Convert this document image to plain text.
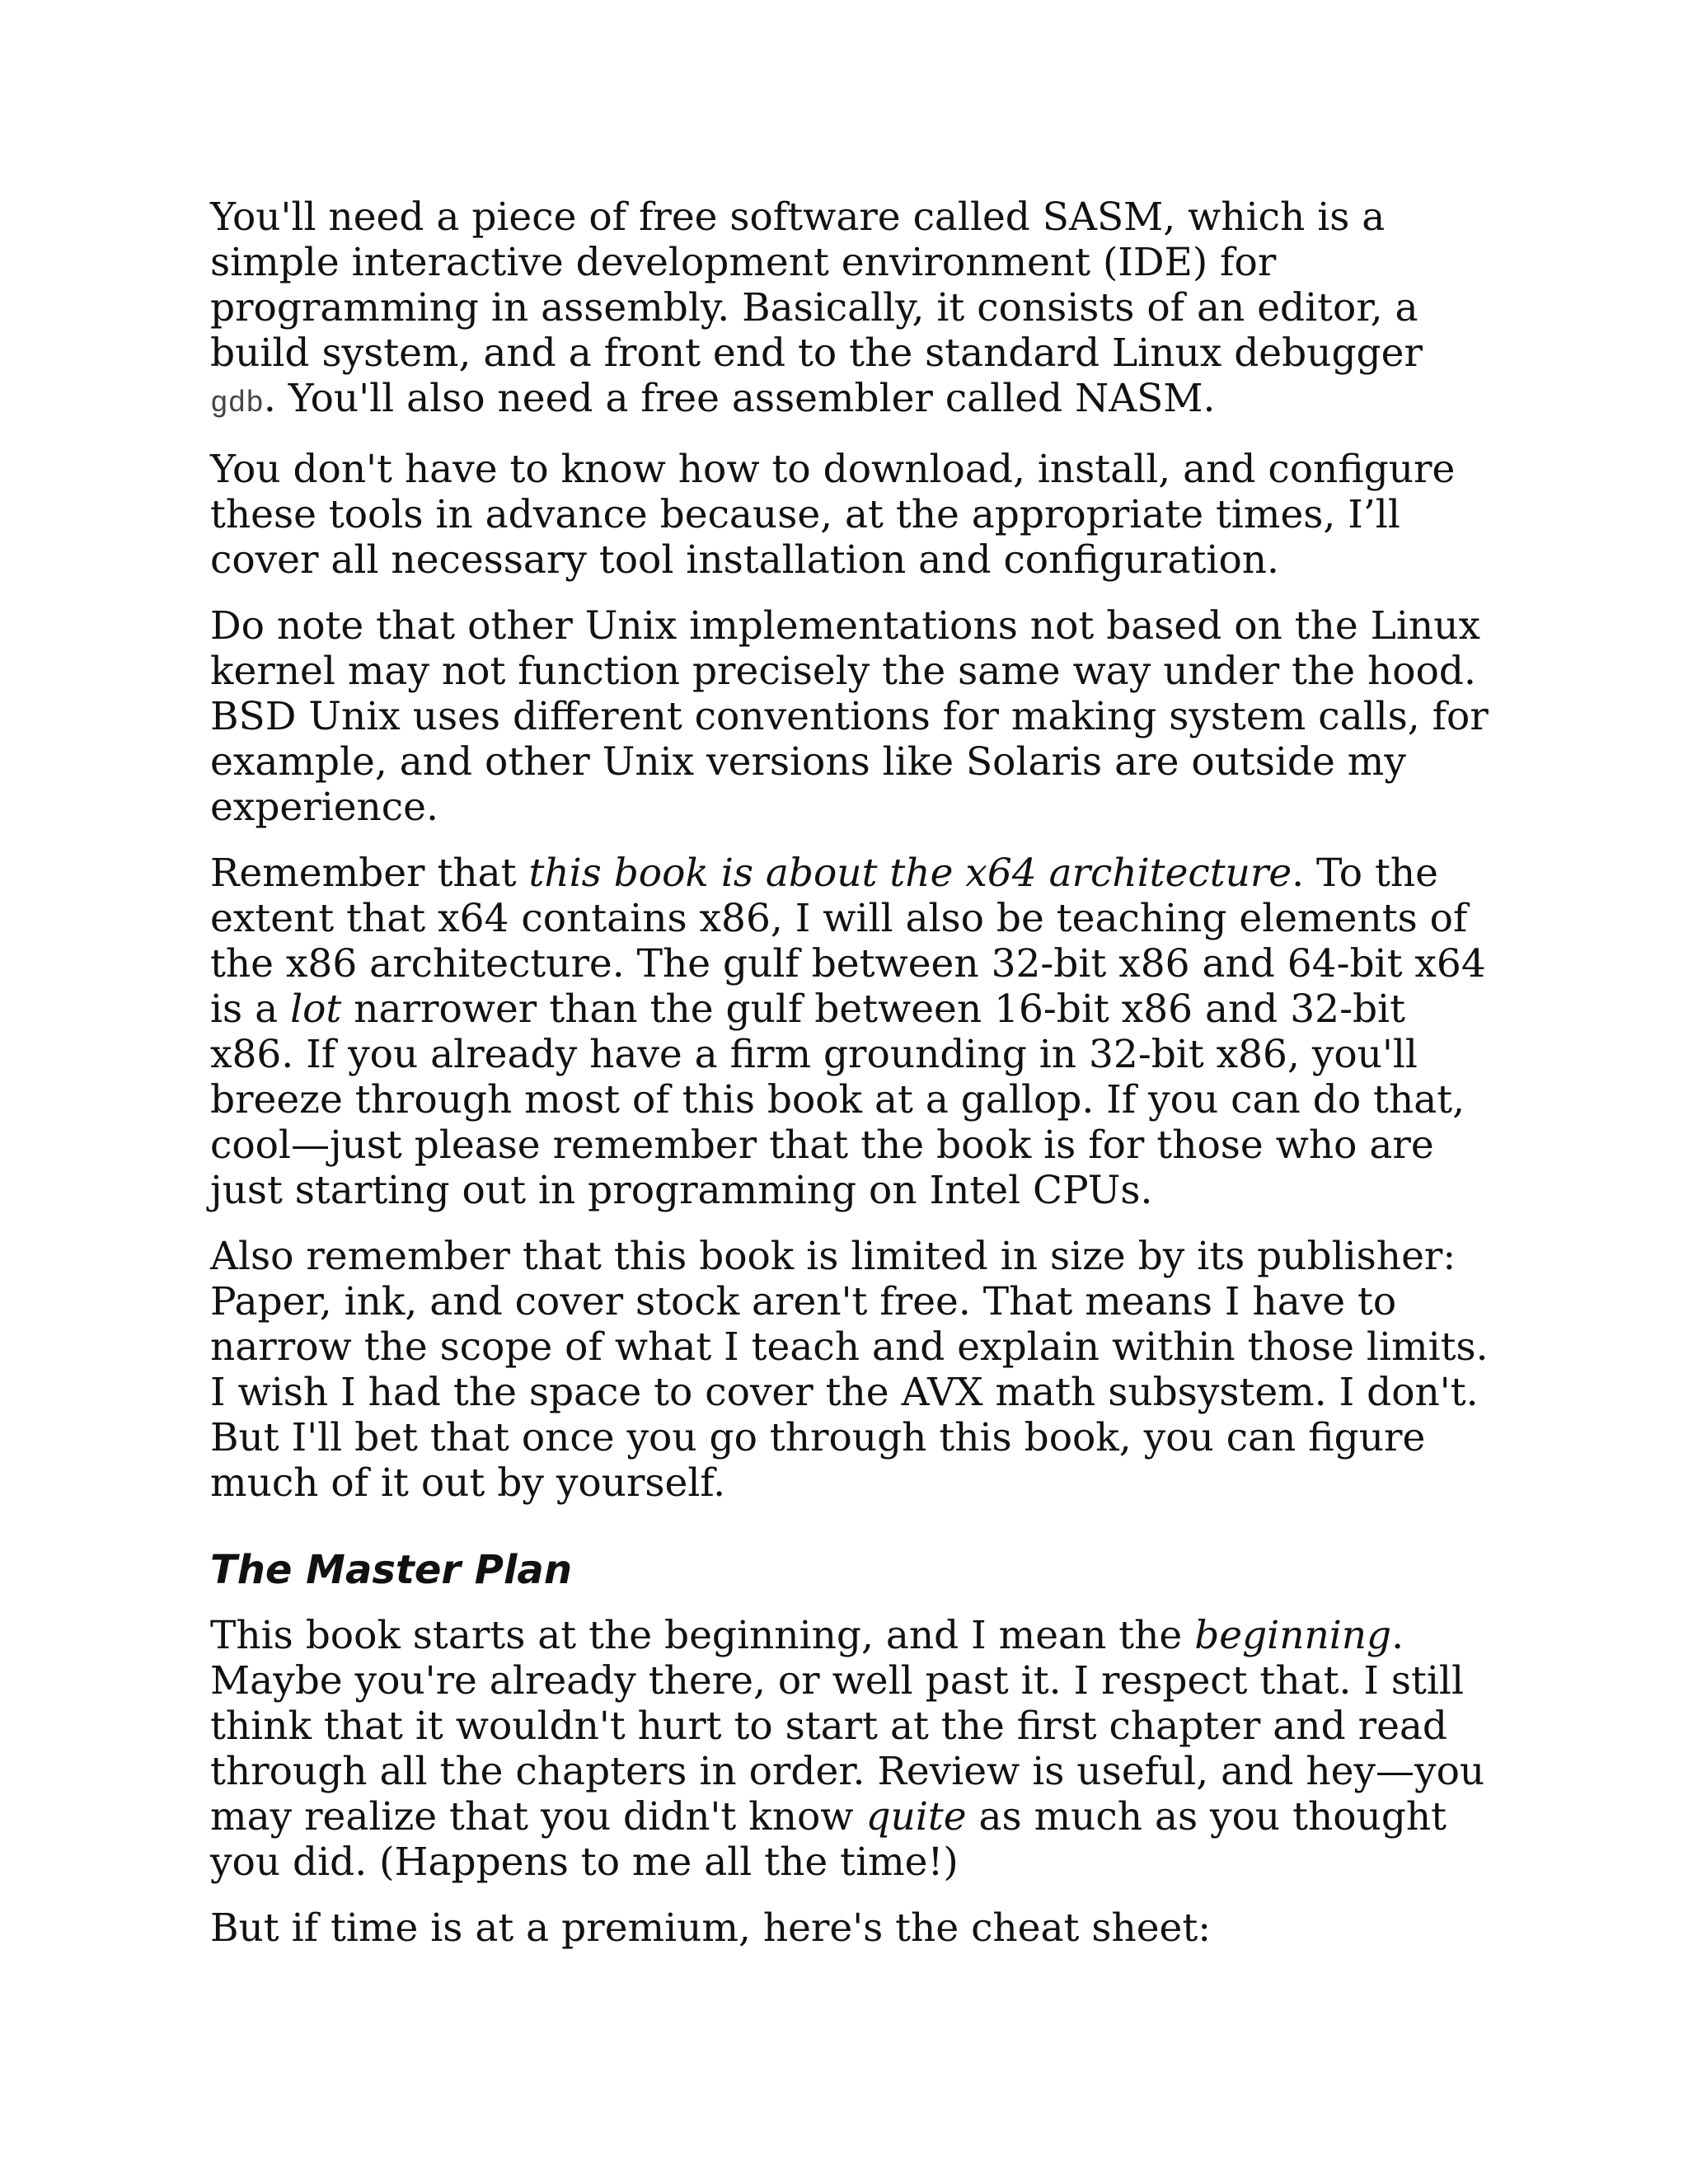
You'll need a piece of free software called SASM, which is a simple interactive development environment (IDE) for programming in assembly. Basically, it consists of an editor, a build system, and a front end to the standard Linux debugger gdb. You'll also need a free assembler called NASM.

You don't have to know how to download, install, and configure these tools in advance because, at the appropriate times, I’ll cover all necessary tool installation and configuration.

Do note that other Unix implementations not based on the Linux kernel may not function precisely the same way under the hood. BSD Unix uses different conventions for making system calls, for example, and other Unix versions like Solaris are outside my experience.

Remember that this book is about the x64 architecture. To the extent that x64 contains x86, I will also be teaching elements of the x86 architecture. The gulf between 32-bit x86 and 64-bit x64 is a lot narrower than the gulf between 16-bit x86 and 32-bit x86. If you already have a firm grounding in 32-bit x86, you'll breeze through most of this book at a gallop. If you can do that, cool—just please remember that the book is for those who are just starting out in programming on Intel CPUs.

Also remember that this book is limited in size by its publisher: Paper, ink, and cover stock aren't free. That means I have to narrow the scope of what I teach and explain within those limits. I wish I had the space to cover the AVX math subsystem. I don't. But I'll bet that once you go through this book, you can figure much of it out by yourself.

The Master Plan

This book starts at the beginning, and I mean the beginning. Maybe you're already there, or well past it. I respect that. I still think that it wouldn't hurt to start at the first chapter and read through all the chapters in order. Review is useful, and hey—you may realize that you didn't know quite as much as you thought you did. (Happens to me all the time!)

But if time is at a premium, here's the cheat sheet:
